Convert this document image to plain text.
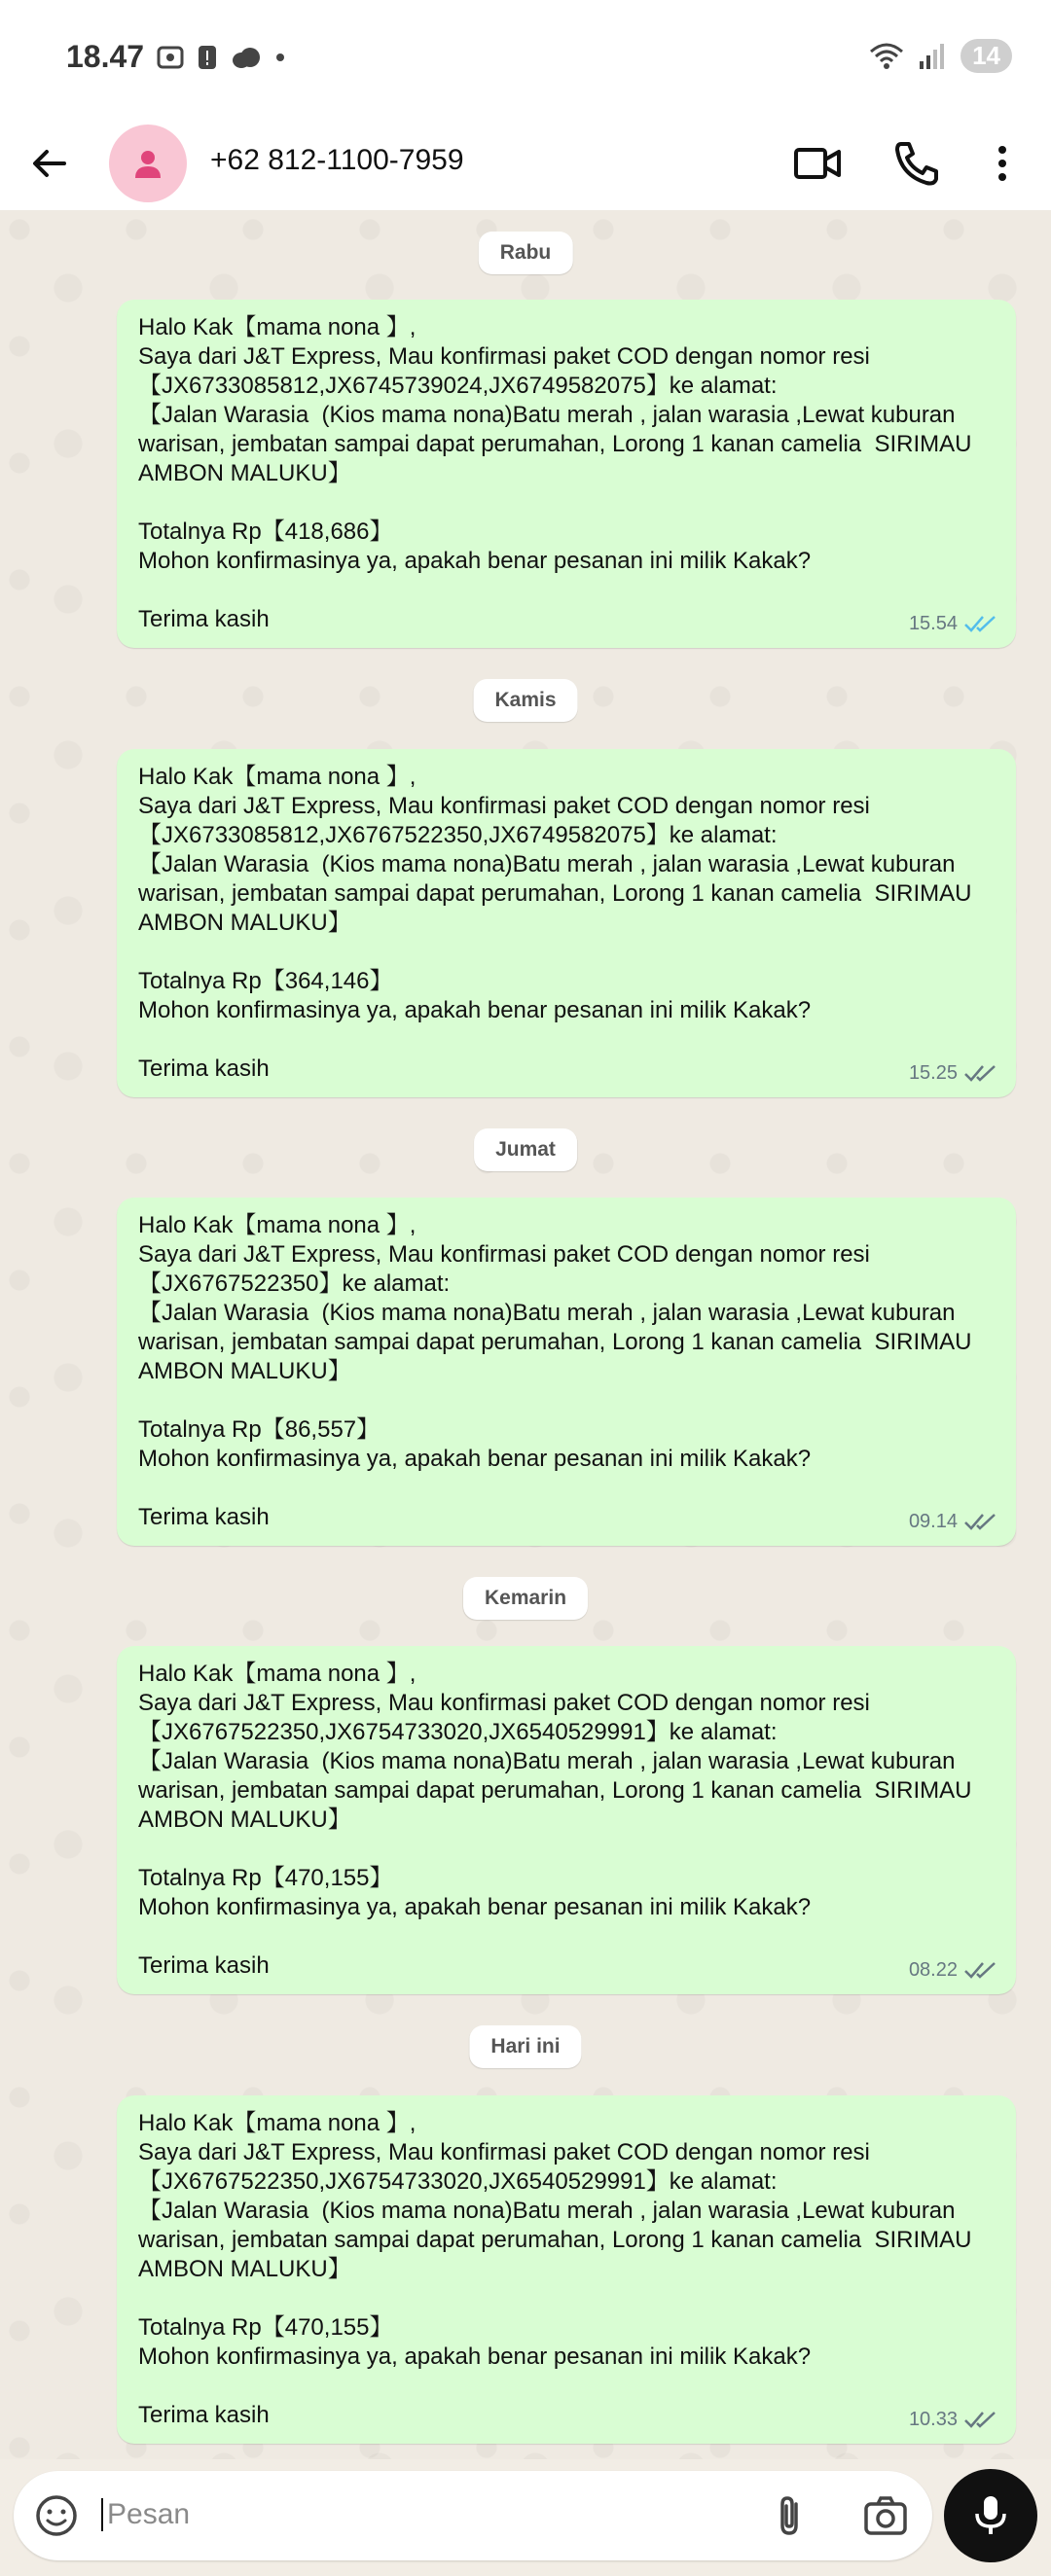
18.47	14
+62 812-1100-7959
Rabu
Halo Kak【mama nona 】,
Saya dari J&T Express, Mau konfirmasi paket COD dengan nomor resi
【JX6733085812,JX6745739024,JX6749582075】ke alamat:
【Jalan Warasia  (Kios mama nona)Batu merah , jalan warasia ,Lewat kuburan
warisan, jembatan sampai dapat perumahan, Lorong 1 kanan camelia  SIRIMAU
AMBON MALUKU】
Totalnya Rp【418,686】
Mohon konfirmasinya ya, apakah benar pesanan ini milik Kakak?
Terima kasih	15.54
Kamis
Halo Kak【mama nona 】,
Saya dari J&T Express, Mau konfirmasi paket COD dengan nomor resi
【JX6733085812,JX6767522350,JX6749582075】ke alamat:
【Jalan Warasia  (Kios mama nona)Batu merah , jalan warasia ,Lewat kuburan
warisan, jembatan sampai dapat perumahan, Lorong 1 kanan camelia  SIRIMAU
AMBON MALUKU】
Totalnya Rp【364,146】
Mohon konfirmasinya ya, apakah benar pesanan ini milik Kakak?
Terima kasih	15.25
Jumat
Halo Kak【mama nona 】,
Saya dari J&T Express, Mau konfirmasi paket COD dengan nomor resi
【JX6767522350】ke alamat:
【Jalan Warasia  (Kios mama nona)Batu merah , jalan warasia ,Lewat kuburan
warisan, jembatan sampai dapat perumahan, Lorong 1 kanan camelia  SIRIMAU
AMBON MALUKU】
Totalnya Rp【86,557】
Mohon konfirmasinya ya, apakah benar pesanan ini milik Kakak?
Terima kasih	09.14
Kemarin
Halo Kak【mama nona 】,
Saya dari J&T Express, Mau konfirmasi paket COD dengan nomor resi
【JX6767522350,JX6754733020,JX6540529991】ke alamat:
【Jalan Warasia  (Kios mama nona)Batu merah , jalan warasia ,Lewat kuburan
warisan, jembatan sampai dapat perumahan, Lorong 1 kanan camelia  SIRIMAU
AMBON MALUKU】
Totalnya Rp【470,155】
Mohon konfirmasinya ya, apakah benar pesanan ini milik Kakak?
Terima kasih	08.22
Hari ini
Halo Kak【mama nona 】,
Saya dari J&T Express, Mau konfirmasi paket COD dengan nomor resi
【JX6767522350,JX6754733020,JX6540529991】ke alamat:
【Jalan Warasia  (Kios mama nona)Batu merah , jalan warasia ,Lewat kuburan
warisan, jembatan sampai dapat perumahan, Lorong 1 kanan camelia  SIRIMAU
AMBON MALUKU】
Totalnya Rp【470,155】
Mohon konfirmasinya ya, apakah benar pesanan ini milik Kakak?
Terima kasih	10.33
Pesan
